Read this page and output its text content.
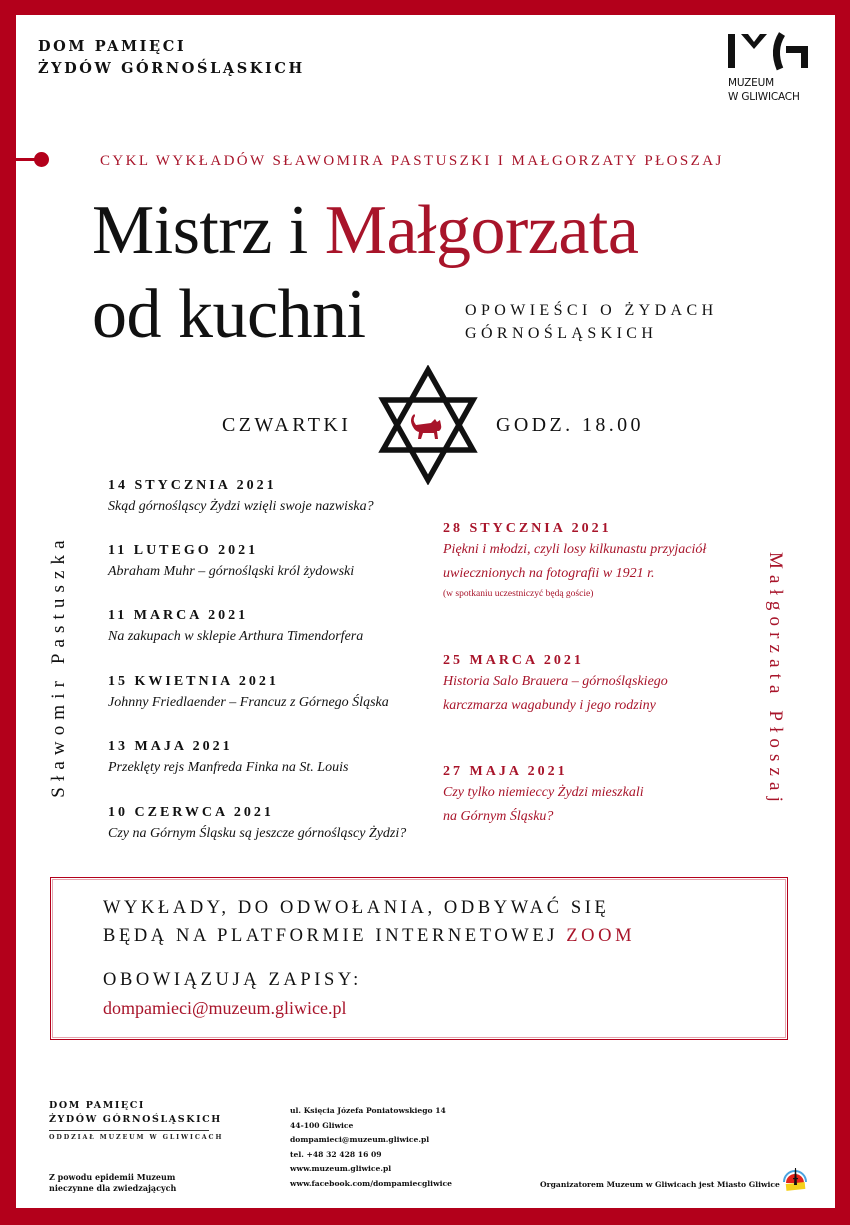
DOM PAMIĘCI
ŻYDÓW GÓRNOŚLĄSKICH
MUZEUM
W GLIWICACH
CYKL WYKŁADÓW SŁAWOMIRA PASTUSZKI I MAŁGORZATY PŁOSZAJ
Mistrz i Małgorzata
od kuchni	OPOWIEŚCI O ŻYDACH
GÓRNOŚLĄSKICH
CZWARTKI	GODZ. 18.00
Sławomir Pastuszka	Małgorzata Płoszaj
14 STYCZNIA 2021
Skąd górnośląscy Żydzi wzięli swoje nazwiska?
11 LUTEGO 2021
Abraham Muhr – górnośląski król żydowski
11 MARCA 2021
Na zakupach w sklepie Arthura Timendorfera
15 KWIETNIA 2021
Johnny Friedlaender – Francuz z Górnego Śląska
13 MAJA 2021
Przeklęty rejs Manfreda Finka na St. Louis
10 CZERWCA 2021
Czy na Górnym Śląsku są jeszcze górnośląscy Żydzi?
28 STYCZNIA 2021
Piękni i młodzi, czyli losy kilkunastu przyjaciół
uwiecznionych na fotografii w 1921 r.
(w spotkaniu uczestniczyć będą goście)
25 MARCA 2021
Historia Salo Brauera – górnośląskiego
karczmarza wagabundy i jego rodziny
27 MAJA 2021
Czy tylko niemieccy Żydzi mieszkali
na Górnym Śląsku?
WYKŁADY, DO ODWOŁANIA, ODBYWAĆ SIĘ
BĘDĄ NA PLATFORMIE INTERNETOWEJ ZOOM
OBOWIĄZUJĄ ZAPISY:
dompamieci@muzeum.gliwice.pl
DOM PAMIĘCI
ŻYDÓW GÓRNOŚLĄSKICH
ODDZIAŁ MUZEUM W GLIWICACH
Z powodu epidemii Muzeum
nieczynne dla zwiedzających
ul. Księcia Józefa Poniatowskiego 14
44-100 Gliwice
dompamieci@muzeum.gliwice.pl
tel. +48 32 428 16 09
www.muzeum.gliwice.pl
www.facebook.com/dompamiecgliwice	Organizatorem Muzeum w Gliwicach jest Miasto Gliwice
